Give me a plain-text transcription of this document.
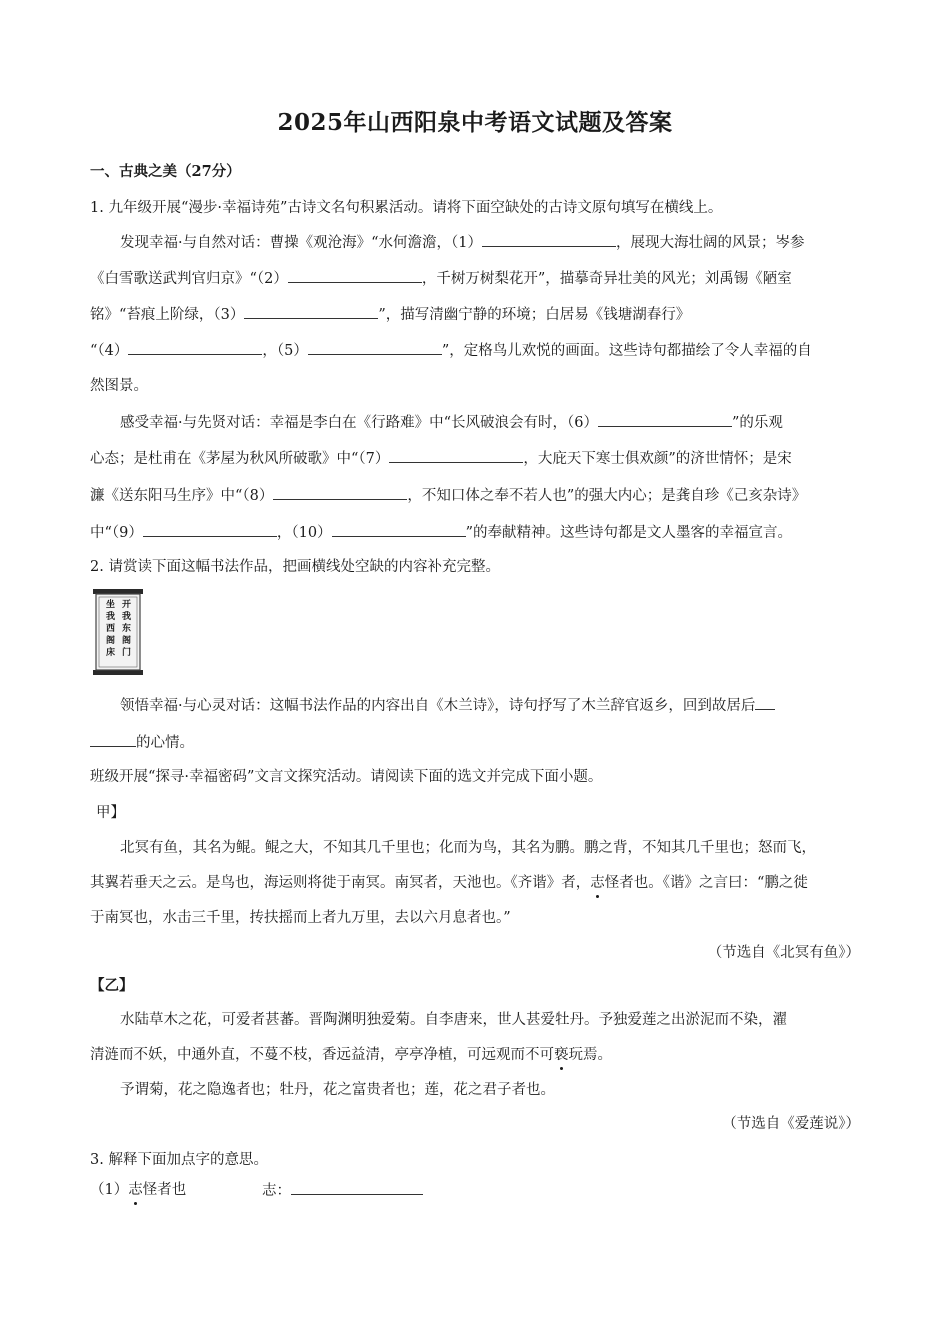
2025年山西阳泉中考语文试题及答案
一、古典之美（27分）
1. 九年级开展“漫步·幸福诗苑”古诗文名句积累活动。请将下面空缺处的古诗文原句填写在横线上。
发现幸福·与自然对话：曹操《观沧海》“水何澹澹，（1）	，展现大海壮阔的风景；岑参
《白雪歌送武判官归京》“（2）	，千树万树梨花开”，描摹奇异壮美的风光；刘禹锡《陋室
铭》“苔痕上阶绿，（3）	”，描写清幽宁静的环境；白居易《钱塘湖春行》
“（4）	，（5）	”，定格鸟儿欢悦的画面。这些诗句都描绘了令人幸福的自
然图景。
感受幸福·与先贤对话：幸福是李白在《行路难》中“长风破浪会有时，（6）	”的乐观
心态；是杜甫在《茅屋为秋风所破歌》中“（7）	，大庇天下寒士俱欢颜”的济世情怀；是宋
濂《送东阳马生序》中“（8）	，不知口体之奉不若人也”的强大内心；是龚自珍《己亥杂诗》
中“（9）	，（10）	”的奉献精神。这些诗句都是文人墨客的幸福宣言。
2. 请赏读下面这幅书法作品，把画横线处空缺的内容补充完整。
开
我
东
阁
门
坐
我
西
阁
床
领悟幸福·与心灵对话：这幅书法作品的内容出自《木兰诗》，诗句抒写了木兰辞官返乡，回到故居后
的心情。
班级开展“探寻·幸福密码”文言文探究活动。请阅读下面的选文并完成下面小题。
甲】
北冥有鱼，其名为鲲。鲲之大，不知其几千里也；化而为鸟，其名为鹏。鹏之背，不知其几千里也；怒而飞，
其翼若垂天之云。是鸟也，海运则将徙于南冥。南冥者，天池也。《齐谐》者，志怪者也。《谐》之言曰：“鹏之徙
于南冥也，水击三千里，抟扶摇而上者九万里，去以六月息者也。”
（节选自《北冥有鱼》）
【乙】
水陆草木之花，可爱者甚蕃。晋陶渊明独爱菊。自李唐来，世人甚爱牡丹。予独爱莲之出淤泥而不染，濯
清涟而不妖，中通外直，不蔓不枝，香远益清，亭亭净植，可远观而不可亵玩焉。
予谓菊，花之隐逸者也；牡丹，花之富贵者也；莲，花之君子者也。
（节选自《爱莲说》）
3. 解释下面加点字的意思。
（1）志怪者也	志：
